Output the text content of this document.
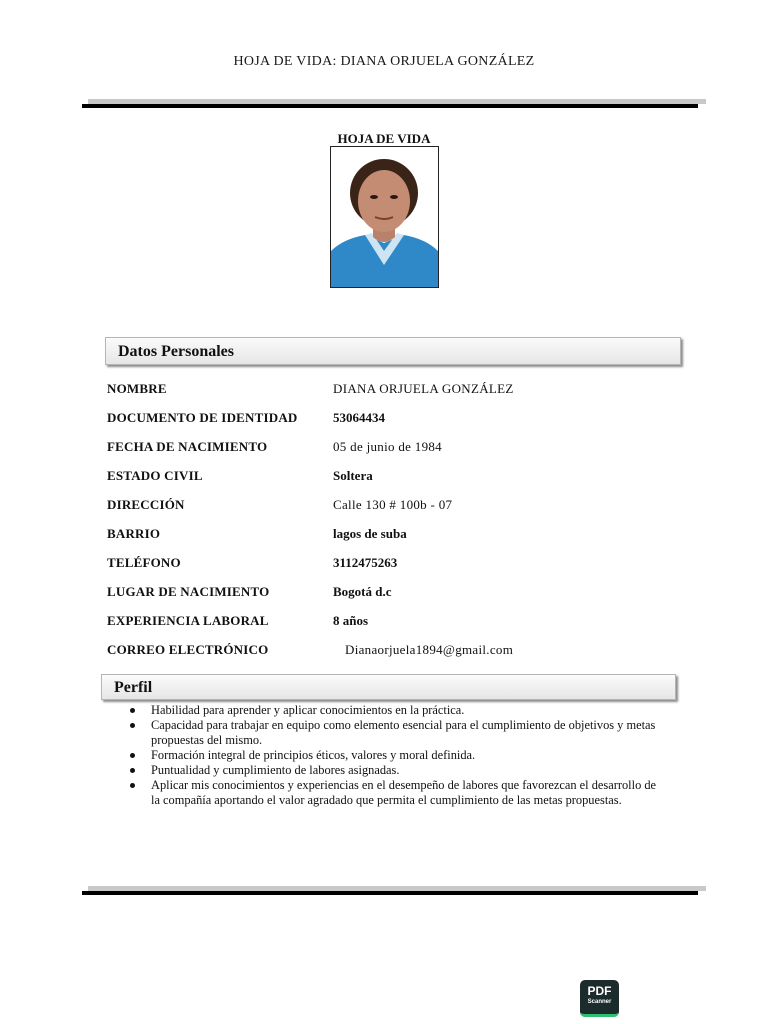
HOJA DE VIDA: DIANA ORJUELA GONZÁLEZ
HOJA DE VIDA
Datos Personales
NOMBRE	DIANA ORJUELA GONZÁLEZ
DOCUMENTO DE IDENTIDAD	53064434
FECHA DE NACIMIENTO	05 de junio de 1984
ESTADO CIVIL	Soltera
DIRECCIÓN	Calle 130 # 100b - 07
BARRIO	lagos de suba
TELÉFONO	3112475263
LUGAR DE NACIMIENTO	Bogotá d.c
EXPERIENCIA LABORAL	8 años
CORREO ELECTRÓNICO	Dianaorjuela1894@gmail.com
Perfil
Habilidad para aprender y aplicar conocimientos en la práctica.
Capacidad para trabajar en equipo como elemento esencial para el cumplimiento de objetivos y metas propuestas del mismo.
Formación integral de principios éticos, valores y moral definida.
Puntualidad y cumplimiento de labores asignadas.
Aplicar mis conocimientos y experiencias en el desempeño de labores que favorezcan el desarrollo de la compañía aportando el valor agradado que permita el cumplimiento de las metas propuestas.
PDF
Scanner
